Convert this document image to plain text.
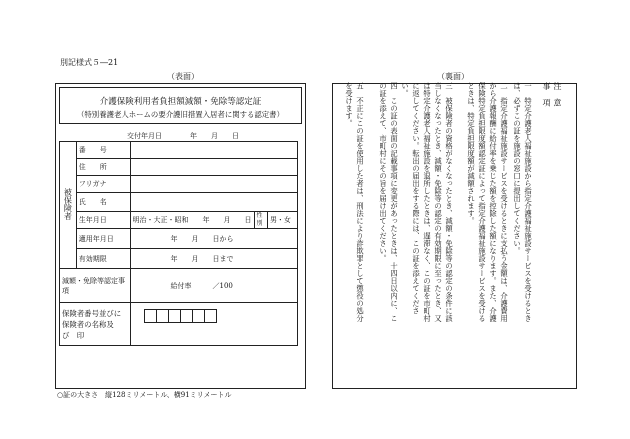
別記様式５―21
（表面）	（裏面）
介護保険利用者負担額減額・免除等認定証
（特別養護老人ホームの要介護旧措置入居者に関する認定書）
交付年月日　　　　年　　月　　日
被保険者	番　　号			
	住　　所			
	フリガナ			
	氏　　名			
	生年月日	明治・大正・昭和　　年　　月　　日	性別	男・女
	適用年月日	年　　月　　日から		
	有効期限	年　　月　　日まで		
減額・免除等認定事　　　　項		給付率　　　／100		
保険者番号並びに保険者の名称及　び　印				
○証の大きさ　縦128ミリメートル、横91ミリメートル
注　意　事　項
一　特定介護老人福祉施設から指定介護福祉施設サービスを受けるときは、必ずこの証を施設の窓口に提出してください。
二　指定介護福祉施設サービスを受けるときに支払う金額は、介護費用から介護報酬に給付率を乗じた額を控除した額になります。また、介護保険特定負担限度額認定証によって指定介護福祉施設サービスを受けるときは、特定負担限度額が減額されます。
三　被保険者の資格がなくなったとき、減額・免除等の認定の条件に該当しなくなったとき、減額・免除等の認定の有効期限に至ったとき、又は特定介護老人福祉施設を退所したときは、遅滞なく、この証を市町村に返してください。転出の届出をする際には、この証を添えてください。
四　この証の表面の記載事項に変更があったときは、十四日以内に、この証を添えて、市町村にその旨を届け出てください。
五　不正にこの証を使用した者は、刑法により詐欺罪として懲役の処分を受けます。
